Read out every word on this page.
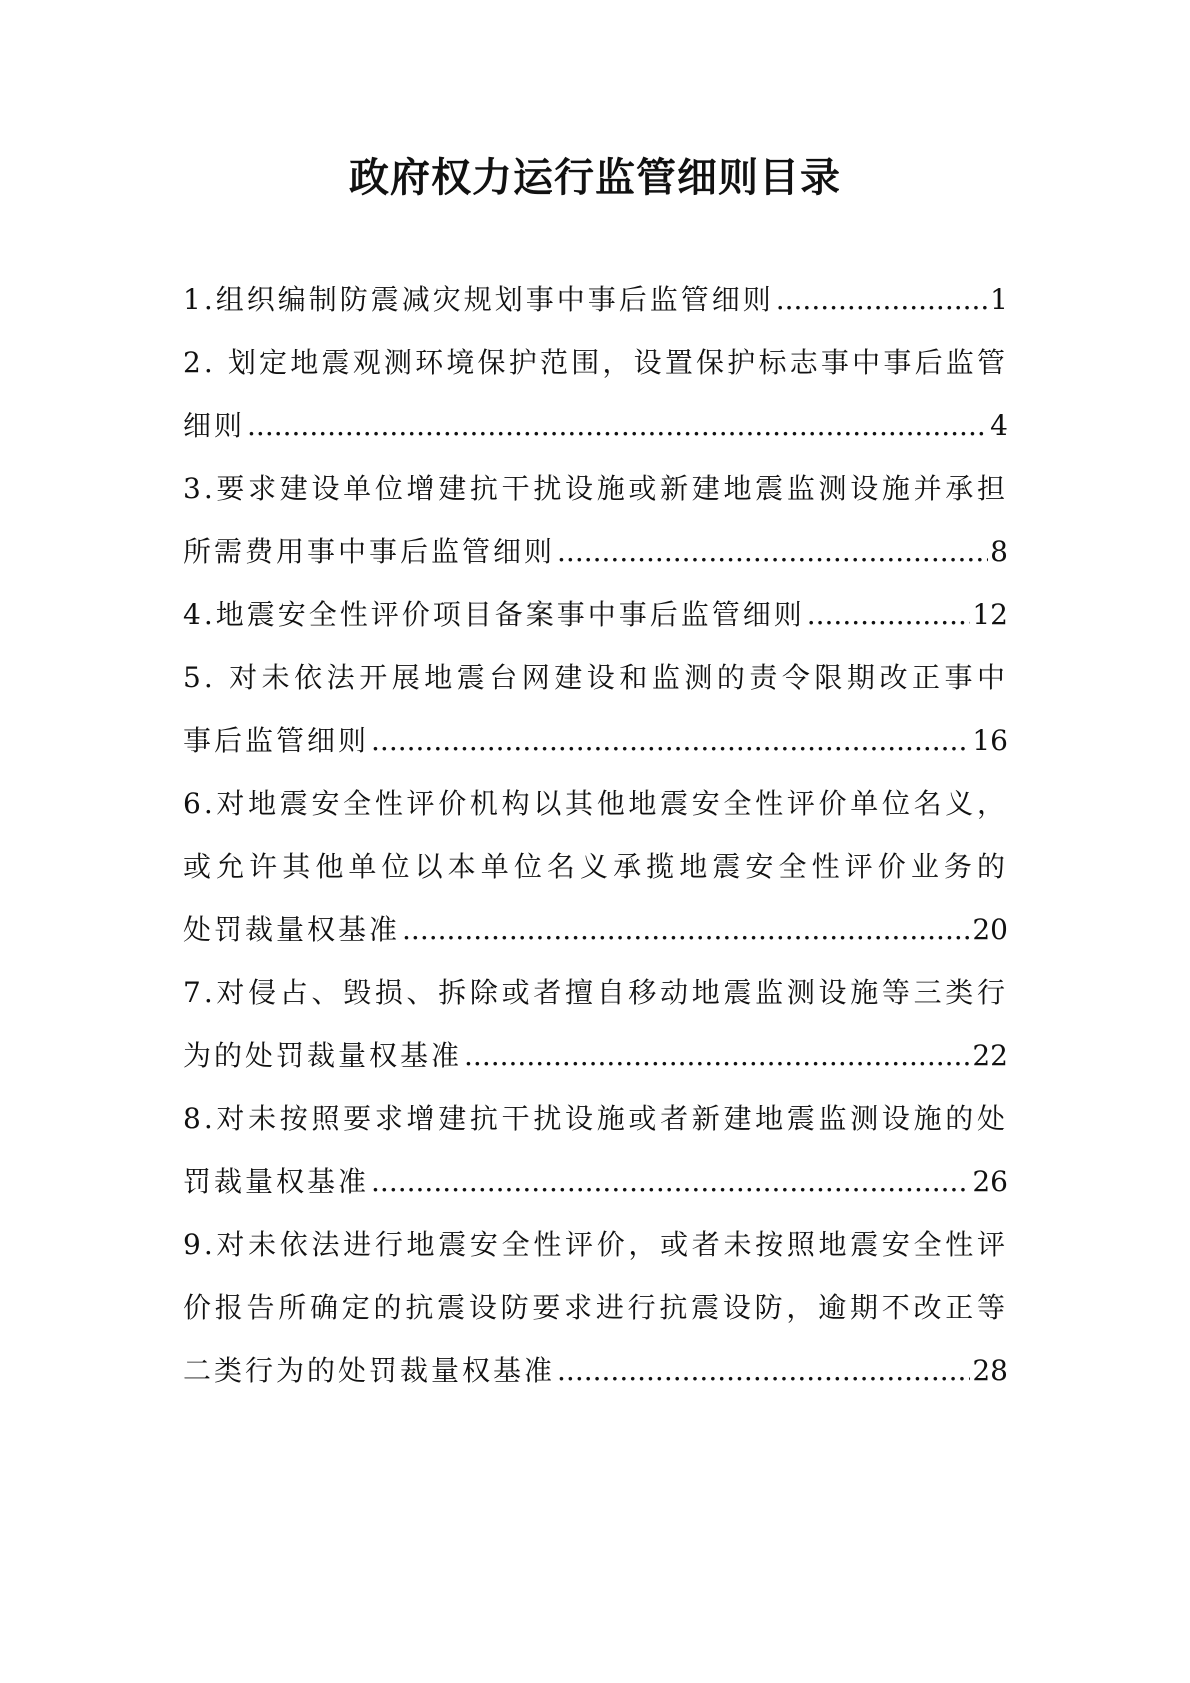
政府权力运行监管细则目录
1.组织编制防震减灾规划事中事后监管细则 .....	1
2. 划定地震观测环境保护范围，设置保护标志事中事后监管
细则 .....	4
3.要求建设单位增建抗干扰设施或新建地震监测设施并承担
所需费用事中事后监管细则 .....	8
4.地震安全性评价项目备案事中事后监管细则 .....	12
5. 对未依法开展地震台网建设和监测的责令限期改正事中
事后监管细则 .....	16
6.对地震安全性评价机构以其他地震安全性评价单位名义，
或允许其他单位以本单位名义承揽地震安全性评价业务的
处罚裁量权基准 .....	20
7.对侵占、毁损、拆除或者擅自移动地震监测设施等三类行
为的处罚裁量权基准 .....	22
8.对未按照要求增建抗干扰设施或者新建地震监测设施的处
罚裁量权基准 .....	26
9.对未依法进行地震安全性评价，或者未按照地震安全性评
价报告所确定的抗震设防要求进行抗震设防，逾期不改正等
二类行为的处罚裁量权基准 .....	28
